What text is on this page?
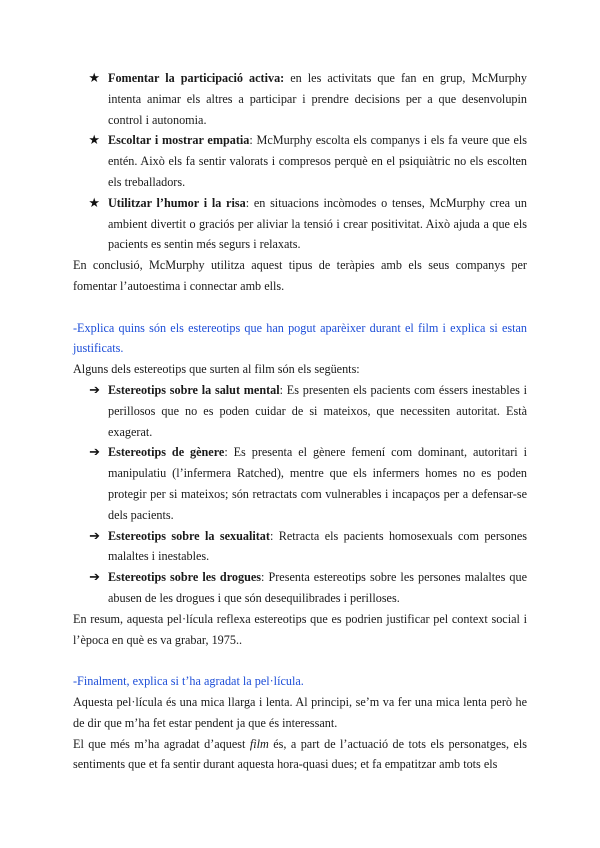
★ Fomentar la participació activa: en les activitats que fan en grup, McMurphy intenta animar els altres a participar i prendre decisions per a que desenvolupin control i autonomia.
★ Escoltar i mostrar empatia: McMurphy escolta els companys i els fa veure que els entén. Això els fa sentir valorats i compresos perquè en el psiquiàtric no els escolten els treballadors.
★ Utilitzar l’humor i la risa: en situacions incòmodes o tenses, McMurphy crea un ambient divertit o graciós per aliviar la tensió i crear positivitat. Això ajuda a que els pacients es sentin més segurs i relaxats.

En conclusió, McMurphy utilitza aquest tipus de teràpies amb els seus companys per fomentar l’autoestima i connectar amb ells.

-Explica quins són els estereotips que han pogut aparèixer durant el film i explica si estan justificats.

Alguns dels estereotips que surten al film són els següents:

➔ Estereotips sobre la salut mental: Es presenten els pacients com éssers inestables i perillosos que no es poden cuidar de si mateixos, que necessiten autoritat. Està exagerat.
➔ Estereotips de gènere: Es presenta el gènere femení com dominant, autoritari i manipulatiu (l’infermera Ratched), mentre que els infermers homes no es poden protegir per si mateixos; són retractats com vulnerables i incapaços per a defensar-se dels pacients.
➔ Estereotips sobre la sexualitat: Retracta els pacients homosexuals com persones malaltes i inestables.
➔ Estereotips sobre les drogues: Presenta estereotips sobre les persones malaltes que abusen de les drogues i que són desequilibrades i perilloses.

En resum, aquesta pel·lícula reflexa estereotips que es podrien justificar pel context social i l’època en què es va grabar, 1975..

-Finalment, explica si t’ha agradat la pel·lícula.

Aquesta pel·lícula és una mica llarga i lenta. Al principi, se’m va fer una mica lenta però he de dir que m’ha fet estar pendent ja que és interessant.

El que més m’ha agradat d’aquest film és, a part de l’actuació de tots els personatges, els sentiments que et fa sentir durant aquesta hora-quasi dues; et fa empatitzar amb tots els
